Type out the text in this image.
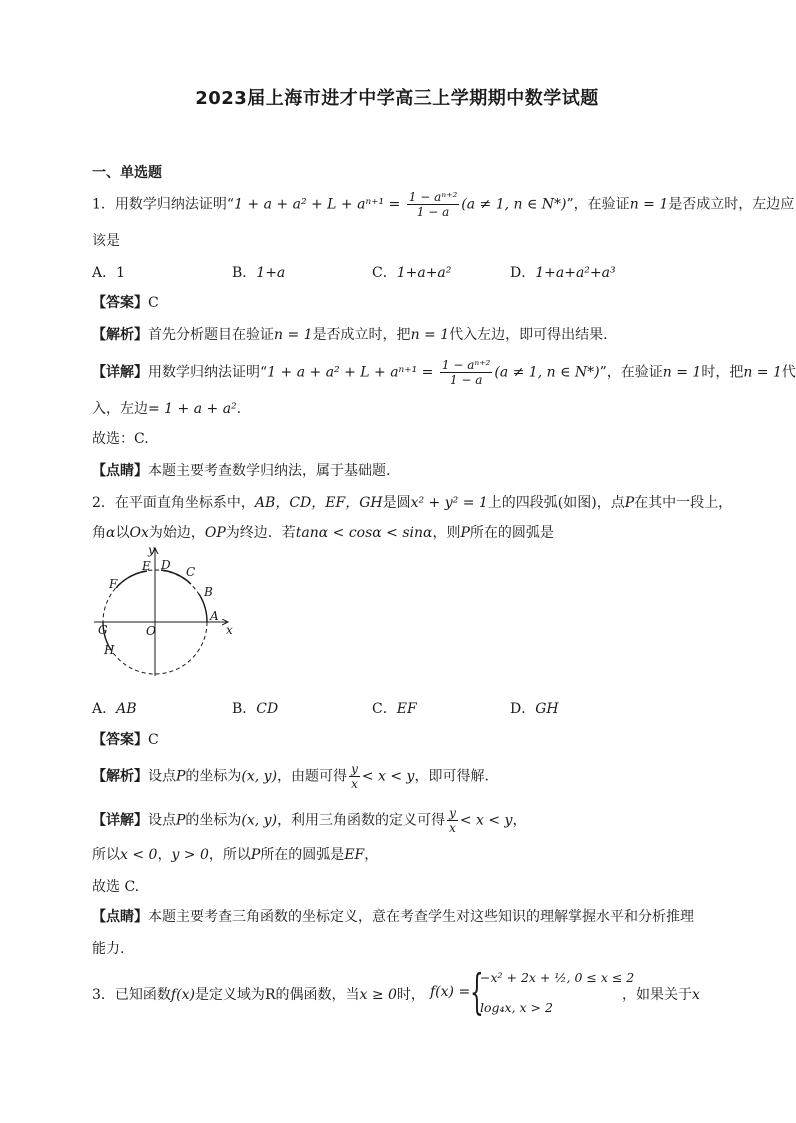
2023届上海市进才中学高三上学期期中数学试题
一、单选题
1．用数学归纳法证明“$1 + a + a^2 + L + a^{n+1} = \frac{\text{1 − aⁿ⁺²}}{1 - a} (a \ne 1$, n ∈ N*)”，在验证n = 1是否成立时，左边应
该是
A．1	B．1+a	C．1+a+a²	D．1+a+a²+a³
【答案】C
【解析】首先分析题目在验证n = 1是否成立时，把n = 1代入左边，即可得出结果.
【详解】用数学归纳法证明“$1 + a + a^2 + L + a^{n+1} = \frac{\text{1 − aⁿ⁺²}}{1 - a} (a \ne 1$, n ∈ N*)”，在验证n = 1时，把n = 1代
入，左边= 1 + a + a².
故选：C.
【点睛】本题主要考查数学归纳法，属于基础题.
2．在平面直角坐标系中，AB，CD，EF，GH是圆x² + y² = 1上的四段弧(如图)，点P在其中一段上，
角α以Ox为始边，OP为终边．若tanα < cosα < sinα，则P所在的圆弧是
y
x
O
A
B
C
D
E
F
G
H
A．AB	B．CD	C．EF	D．GH
【答案】C
【解析】设点P的坐标为(x, y)，由题可得 $\frac{y}{x} < x < y$，即可得解.
【详解】设点P的坐标为(x, y)，利用三角函数的定义可得 $\frac{y}{x} < x < y$，
所以x < 0，y > 0，所以P所在的圆弧是EF，
故选 C.
【点睛】本题主要考查三角函数的坐标定义，意在考查学生对这些知识的理解掌握水平和分析推理
能力.
3．已知函数f(x)是定义域为R的偶函数，当x ≥ 0时， f(x) = {
−x² + 2x + ½, 0 ≤ x ≤ 2
log₄x, x > 2
，如果关于x
